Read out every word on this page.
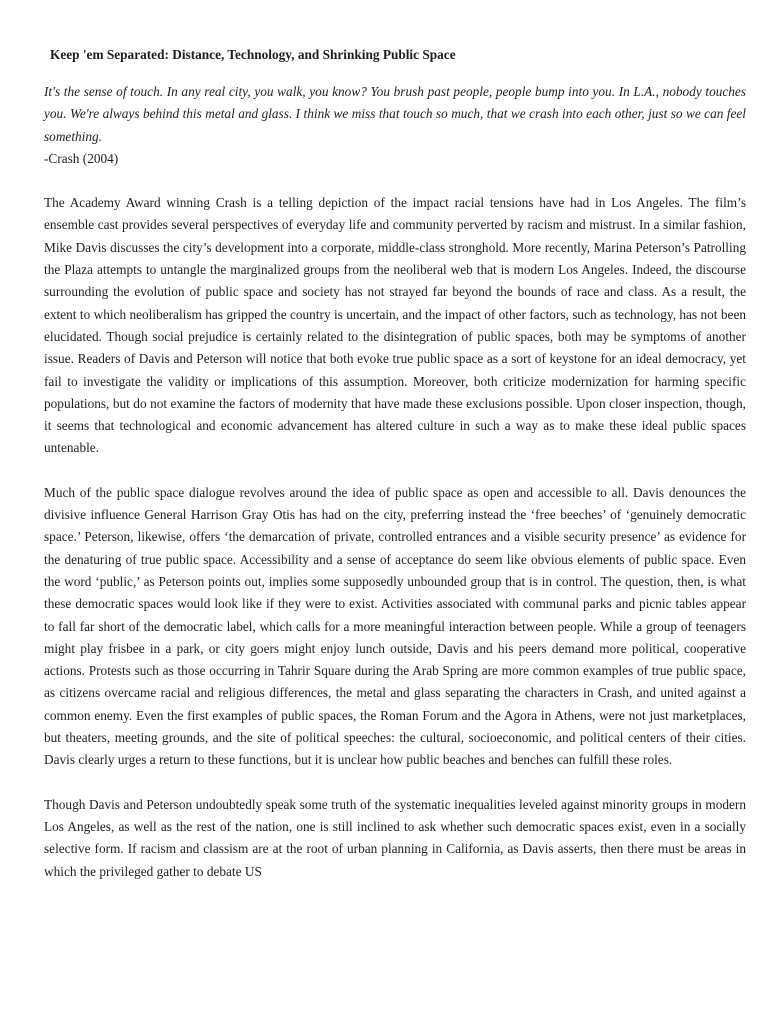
Keep 'em Separated: Distance, Technology, and Shrinking Public Space

It's the sense of touch. In any real city, you walk, you know? You brush past people, people bump into you. In L.A., nobody touches you. We're always behind this metal and glass. I think we miss that touch so much, that we crash into each other, just so we can feel something.
-Crash (2004)

The Academy Award winning Crash is a telling depiction of the impact racial tensions have had in Los Angeles. The film’s ensemble cast provides several perspectives of everyday life and community perverted by racism and mistrust. In a similar fashion, Mike Davis discusses the city’s development into a corporate, middle-class stronghold. More recently, Marina Peterson’s Patrolling the Plaza attempts to untangle the marginalized groups from the neoliberal web that is modern Los Angeles. Indeed, the discourse surrounding the evolution of public space and society has not strayed far beyond the bounds of race and class. As a result, the extent to which neoliberalism has gripped the country is uncertain, and the impact of other factors, such as technology, has not been elucidated. Though social prejudice is certainly related to the disintegration of public spaces, both may be symptoms of another issue. Readers of Davis and Peterson will notice that both evoke true public space as a sort of keystone for an ideal democracy, yet fail to investigate the validity or implications of this assumption. Moreover, both criticize modernization for harming specific populations, but do not examine the factors of modernity that have made these exclusions possible. Upon closer inspection, though, it seems that technological and economic advancement has altered culture in such a way as to make these ideal public spaces untenable.

Much of the public space dialogue revolves around the idea of public space as open and accessible to all. Davis denounces the divisive influence General Harrison Gray Otis has had on the city, preferring instead the ‘free beeches’ of ‘genuinely democratic space.’ Peterson, likewise, offers ‘the demarcation of private, controlled entrances and a visible security presence’ as evidence for the denaturing of true public space. Accessibility and a sense of acceptance do seem like obvious elements of public space. Even the word ‘public,’ as Peterson points out, implies some supposedly unbounded group that is in control. The question, then, is what these democratic spaces would look like if they were to exist. Activities associated with communal parks and picnic tables appear to fall far short of the democratic label, which calls for a more meaningful interaction between people. While a group of teenagers might play frisbee in a park, or city goers might enjoy lunch outside, Davis and his peers demand more political, cooperative actions. Protests such as those occurring in Tahrir Square during the Arab Spring are more common examples of true public space, as citizens overcame racial and religious differences, the metal and glass separating the characters in Crash, and united against a common enemy. Even the first examples of public spaces, the Roman Forum and the Agora in Athens, were not just marketplaces, but theaters, meeting grounds, and the site of political speeches: the cultural, socioeconomic, and political centers of their cities. Davis clearly urges a return to these functions, but it is unclear how public beaches and benches can fulfill these roles.

Though Davis and Peterson undoubtedly speak some truth of the systematic inequalities leveled against minority groups in modern Los Angeles, as well as the rest of the nation, one is still inclined to ask whether such democratic spaces exist, even in a socially selective form. If racism and classism are at the root of urban planning in California, as Davis asserts, then there must be areas in which the privileged gather to debate US
